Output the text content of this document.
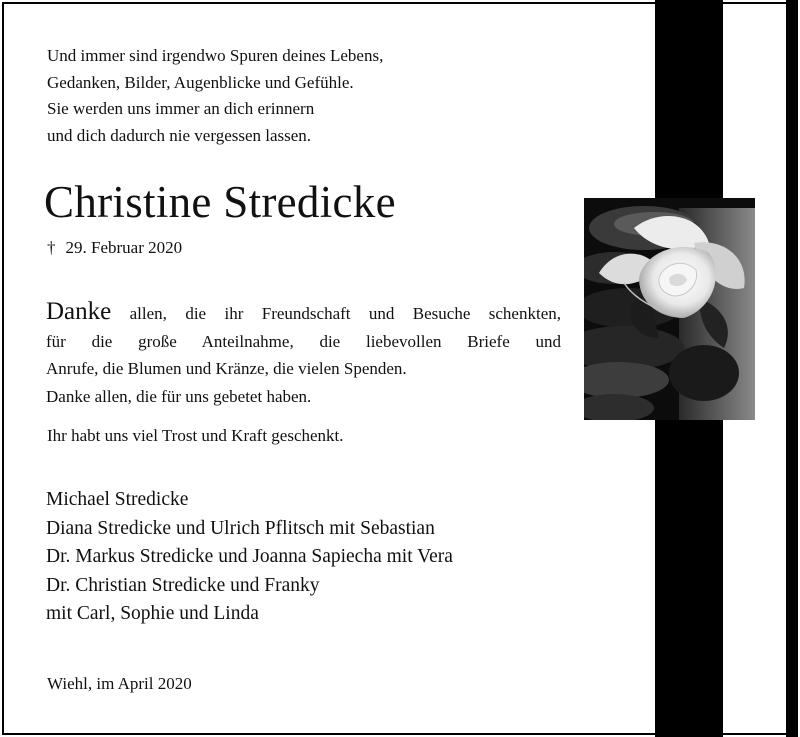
Und immer sind irgendwo Spuren deines Lebens,
Gedanken, Bilder, Augenblicke und Gefühle.
Sie werden uns immer an dich erinnern
und dich dadurch nie vergessen lassen.
Christine Stredicke
† 29. Februar 2020
Danke allen, die ihr Freundschaft und Besuche schenkten,
für die große Anteilnahme, die liebevollen Briefe und
Anrufe, die Blumen und Kränze, die vielen Spenden.
Danke allen, die für uns gebetet haben.
Ihr habt uns viel Trost und Kraft geschenkt.
Michael Stredicke
Diana Stredicke und Ulrich Pflitsch mit Sebastian
Dr. Markus Stredicke und Joanna Sapiecha mit Vera
Dr. Christian Stredicke und Franky
mit Carl, Sophie und Linda
Wiehl, im April 2020
